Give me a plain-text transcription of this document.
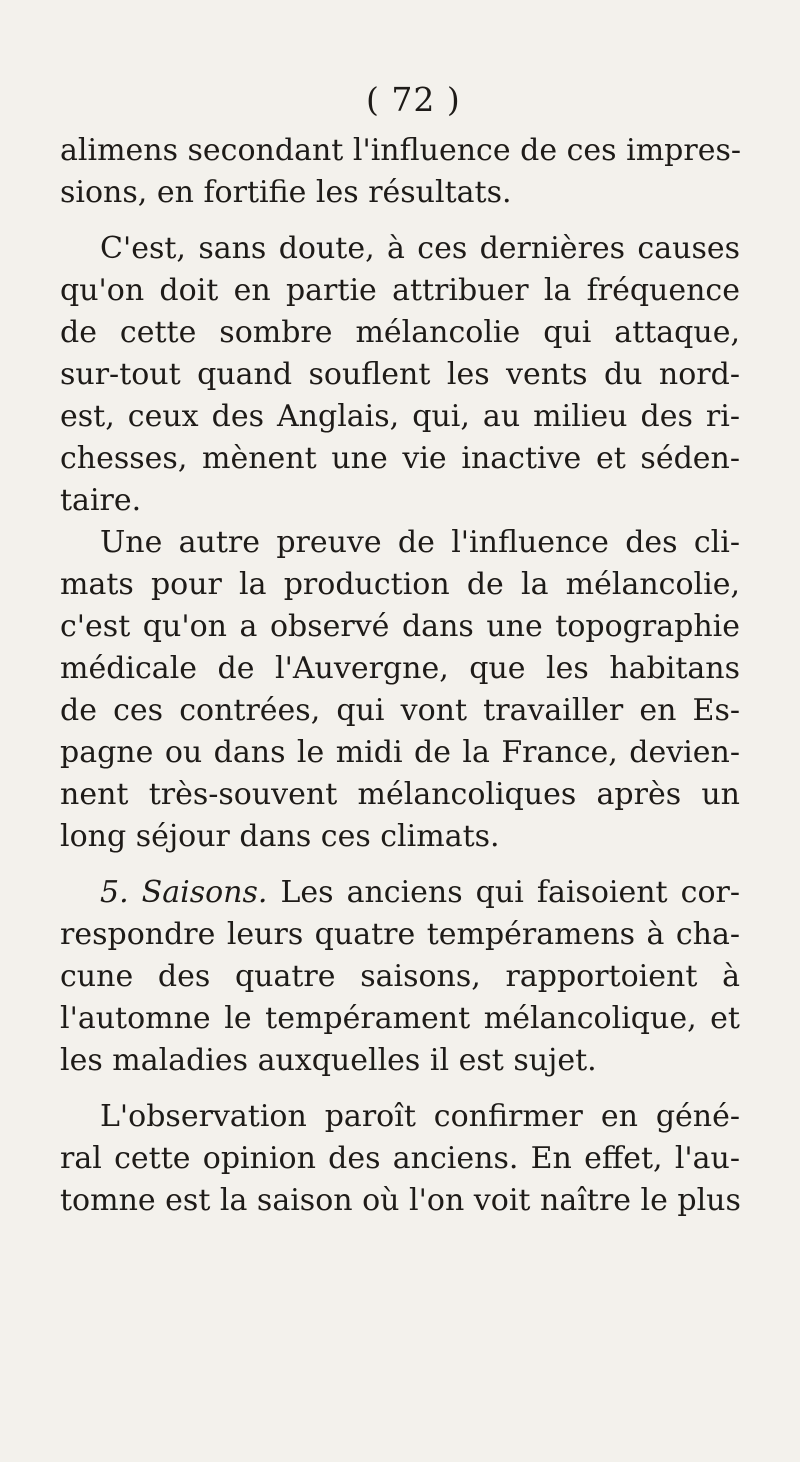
( 72 )
alimens secondant l'influence de ces impres-
sions, en fortifie les résultats.
C'est, sans doute, à ces dernières causes
qu'on doit en partie attribuer la fréquence
de cette sombre mélancolie qui attaque,
sur-tout quand souflent les vents du nord-
est, ceux des Anglais, qui, au milieu des ri-
chesses, mènent une vie inactive et séden-
taire.
Une autre preuve de l'influence des cli-
mats pour la production de la mélancolie,
c'est qu'on a observé dans une topographie
médicale de l'Auvergne, que les habitans
de ces contrées, qui vont travailler en Es-
pagne ou dans le midi de la France, devien-
nent très-souvent mélancoliques après un
long séjour dans ces climats.
5. Saisons. Les anciens qui faisoient cor-
respondre leurs quatre tempéramens à cha-
cune des quatre saisons, rapportoient à
l'automne le tempérament mélancolique, et
les maladies auxquelles il est sujet.
L'observation paroît confirmer en géné-
ral cette opinion des anciens. En effet, l'au-
tomne est la saison où l'on voit naître le plus
